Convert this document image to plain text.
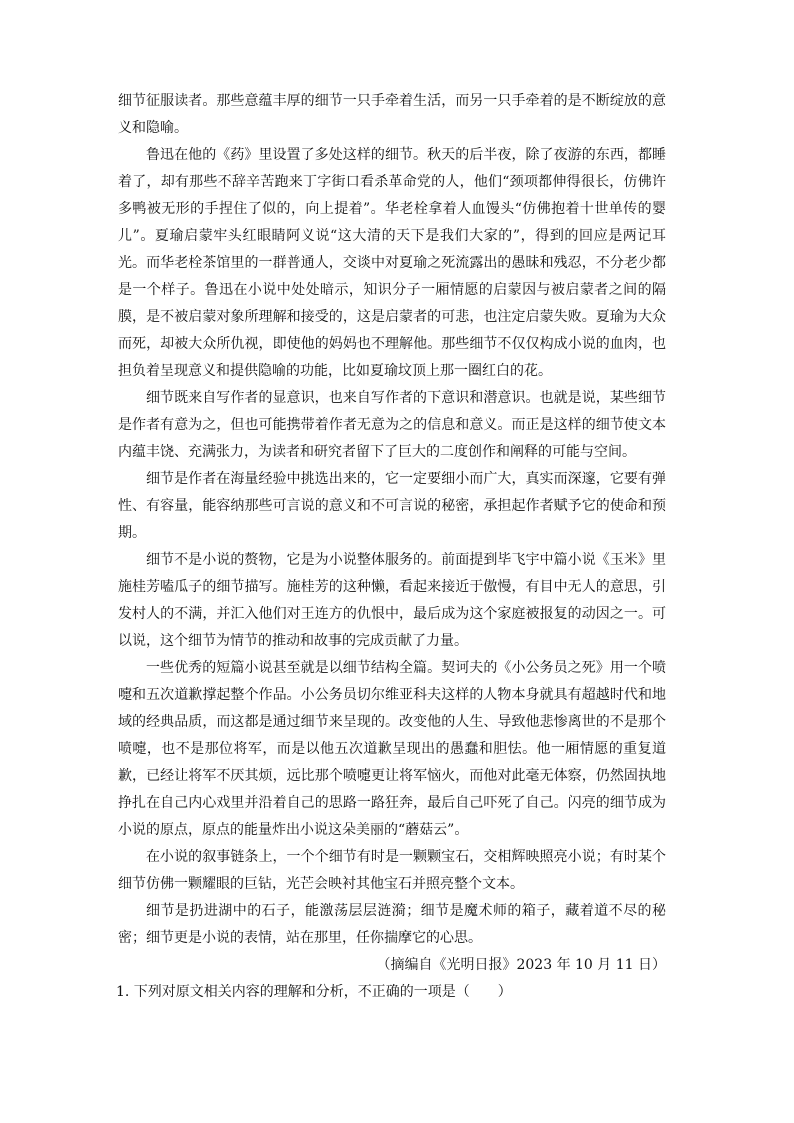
细节征服读者。那些意蕴丰厚的细节一只手牵着生活，而另一只手牵着的是不断绽放的意义和隐喻。

鲁迅在他的《药》里设置了多处这样的细节。秋天的后半夜，除了夜游的东西，都睡着了，却有那些不辞辛苦跑来丁字街口看杀革命党的人，他们“颈项都伸得很长，仿佛许多鸭被无形的手捏住了似的，向上提着”。华老栓拿着人血馒头“仿佛抱着十世单传的婴儿”。夏瑜启蒙牢头红眼睛阿义说“这大清的天下是我们大家的”，得到的回应是两记耳光。而华老栓茶馆里的一群普通人，交谈中对夏瑜之死流露出的愚昧和残忍，不分老少都是一个样子。鲁迅在小说中处处暗示，知识分子一厢情愿的启蒙因与被启蒙者之间的隔膜，是不被启蒙对象所理解和接受的，这是启蒙者的可悲，也注定启蒙失败。夏瑜为大众而死，却被大众所仇视，即使他的妈妈也不理解他。那些细节不仅仅构成小说的血肉，也担负着呈现意义和提供隐喻的功能，比如夏瑜坟顶上那一圈红白的花。

细节既来自写作者的显意识，也来自写作者的下意识和潜意识。也就是说，某些细节是作者有意为之，但也可能携带着作者无意为之的信息和意义。而正是这样的细节使文本内蕴丰饶、充满张力，为读者和研究者留下了巨大的二度创作和阐释的可能与空间。

细节是作者在海量经验中挑选出来的，它一定要细小而广大，真实而深邃，它要有弹性、有容量，能容纳那些可言说的意义和不可言说的秘密，承担起作者赋予它的使命和预期。

细节不是小说的赘物，它是为小说整体服务的。前面提到毕飞宇中篇小说《玉米》里施桂芳嗑瓜子的细节描写。施桂芳的这种懒，看起来接近于傲慢，有目中无人的意思，引发村人的不满，并汇入他们对王连方的仇恨中，最后成为这个家庭被报复的动因之一。可以说，这个细节为情节的推动和故事的完成贡献了力量。

一些优秀的短篇小说甚至就是以细节结构全篇。契诃夫的《小公务员之死》用一个喷嚏和五次道歉撑起整个作品。小公务员切尔维亚科夫这样的人物本身就具有超越时代和地域的经典品质，而这都是通过细节来呈现的。改变他的人生、导致他悲惨离世的不是那个喷嚏，也不是那位将军，而是以他五次道歉呈现出的愚蠢和胆怯。他一厢情愿的重复道歉，已经让将军不厌其烦，远比那个喷嚏更让将军恼火，而他对此毫无体察，仍然固执地挣扎在自己内心戏里并沿着自己的思路一路狂奔，最后自己吓死了自己。闪亮的细节成为小说的原点，原点的能量炸出小说这朵美丽的“蘑菇云”。

在小说的叙事链条上，一个个细节有时是一颗颗宝石，交相辉映照亮小说；有时某个细节仿佛一颗耀眼的巨钻，光芒会映衬其他宝石并照亮整个文本。

细节是扔进湖中的石子，能激荡层层涟漪；细节是魔术师的箱子，藏着道不尽的秘密；细节更是小说的表情，站在那里，任你揣摩它的心思。

（摘编自《光明日报》2023 年 10 月 11 日）

1. 下列对原文相关内容的理解和分析，不正确的一项是（　　）
